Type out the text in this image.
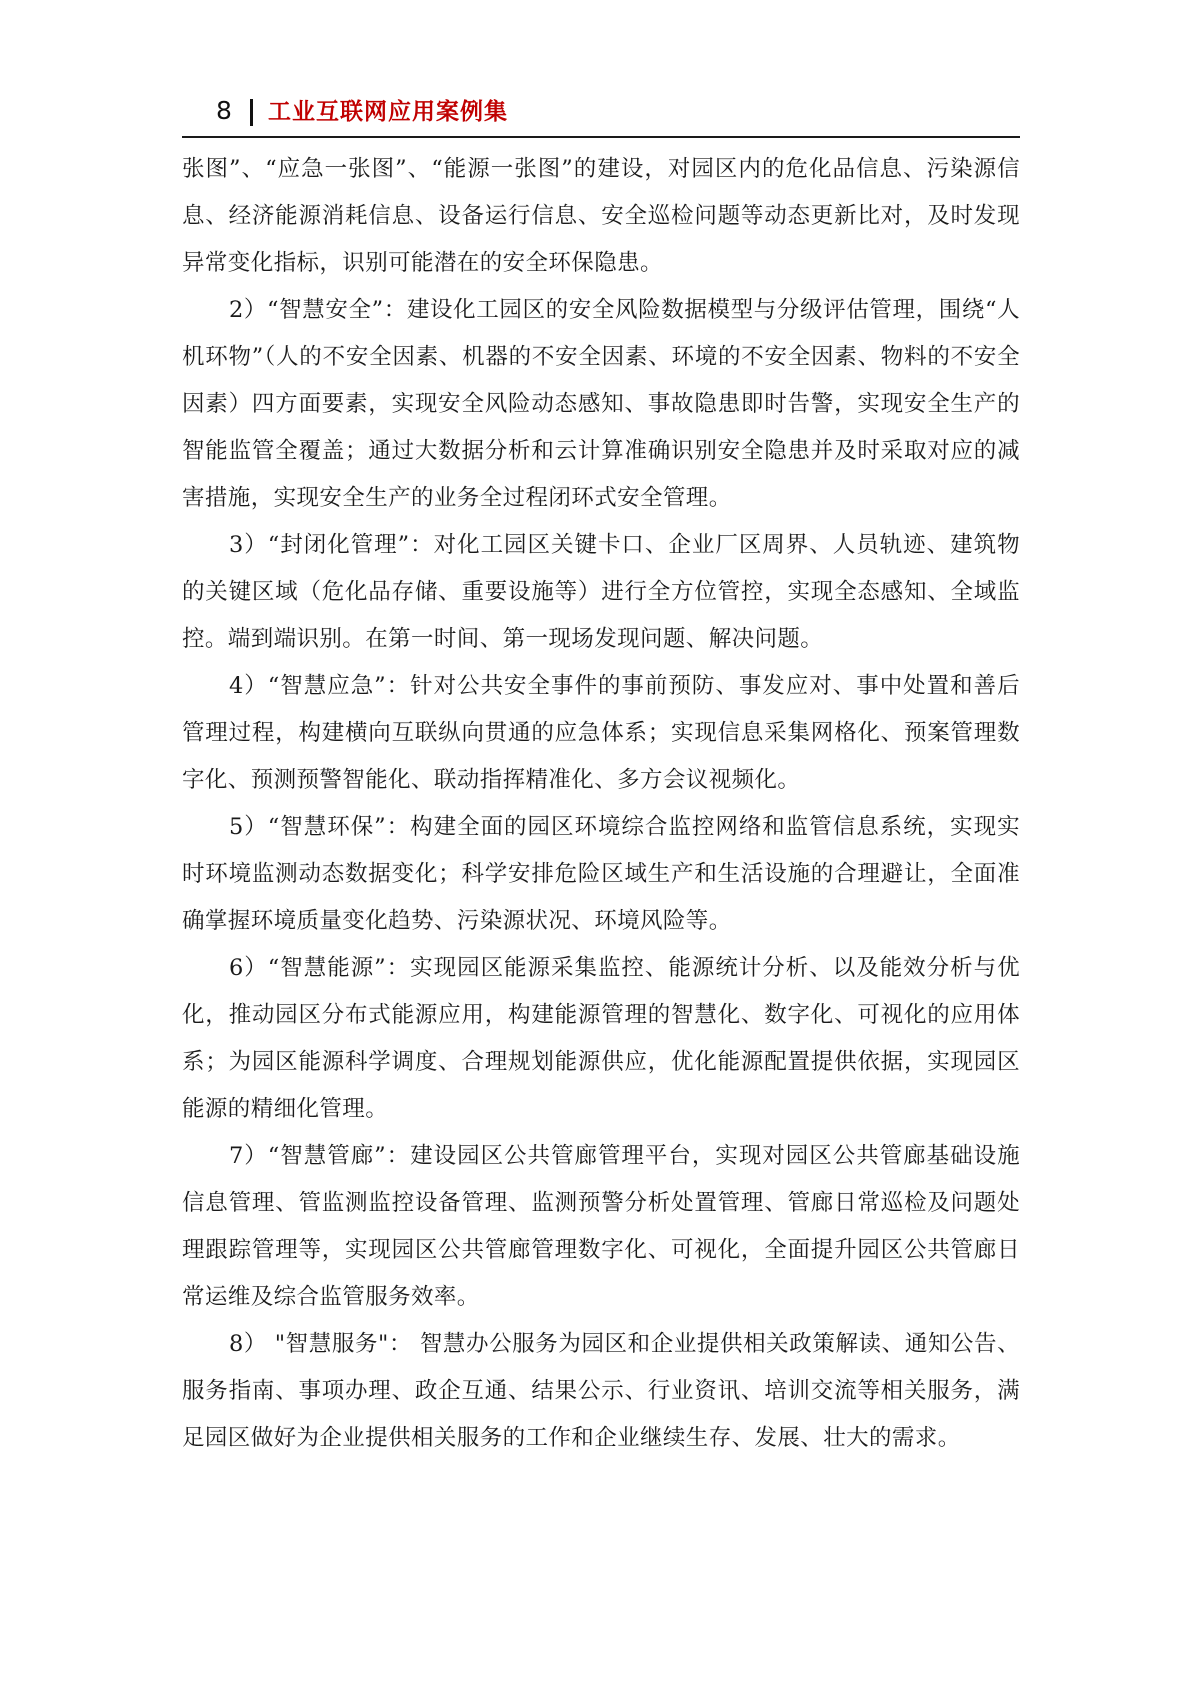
8 工业互联网应用案例集

张图”、“应急一张图”、“能源一张图”的建设，对园区内的危化品信息、污染源信息、经济能源消耗信息、设备运行信息、安全巡检问题等动态更新比对，及时发现异常变化指标，识别可能潜在的安全环保隐患。

2）“智慧安全”：建设化工园区的安全风险数据模型与分级评估管理，围绕“人机环物”（人的不安全因素、机器的不安全因素、环境的不安全因素、物料的不安全因素）四方面要素，实现安全风险动态感知、事故隐患即时告警，实现安全生产的智能监管全覆盖；通过大数据分析和云计算准确识别安全隐患并及时采取对应的减害措施，实现安全生产的业务全过程闭环式安全管理。

3）“封闭化管理”：对化工园区关键卡口、企业厂区周界、人员轨迹、建筑物的关键区域（危化品存储、重要设施等）进行全方位管控，实现全态感知、全域监控。端到端识别。在第一时间、第一现场发现问题、解决问题。

4）“智慧应急”：针对公共安全事件的事前预防、事发应对、事中处置和善后管理过程，构建横向互联纵向贯通的应急体系；实现信息采集网格化、预案管理数字化、预测预警智能化、联动指挥精准化、多方会议视频化。

5）“智慧环保”：构建全面的园区环境综合监控网络和监管信息系统，实现实时环境监测动态数据变化；科学安排危险区域生产和生活设施的合理避让，全面准确掌握环境质量变化趋势、污染源状况、环境风险等。

6）“智慧能源”：实现园区能源采集监控、能源统计分析、以及能效分析与优化，推动园区分布式能源应用，构建能源管理的智慧化、数字化、可视化的应用体系；为园区能源科学调度、合理规划能源供应，优化能源配置提供依据，实现园区能源的精细化管理。

7）“智慧管廊”：建设园区公共管廊管理平台，实现对园区公共管廊基础设施信息管理、管监测监控设备管理、监测预警分析处置管理、管廊日常巡检及问题处理跟踪管理等，实现园区公共管廊管理数字化、可视化，全面提升园区公共管廊日常运维及综合监管服务效率。

8） "智慧服务"： 智慧办公服务为园区和企业提供相关政策解读、通知公告、服务指南、事项办理、政企互通、结果公示、行业资讯、培训交流等相关服务，满足园区做好为企业提供相关服务的工作和企业继续生存、发展、壮大的需求。
